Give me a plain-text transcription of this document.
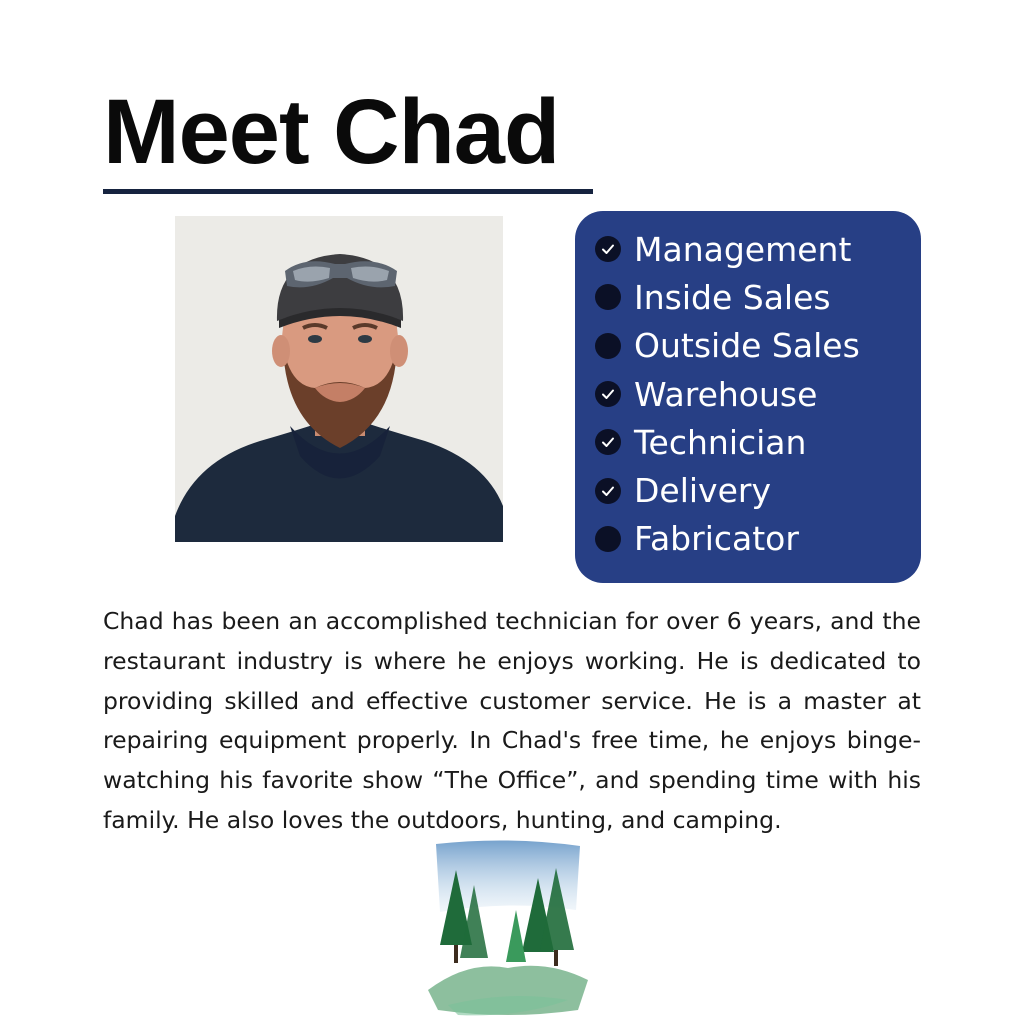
Meet Chad
Management
Inside Sales
Outside Sales
Warehouse
Technician
Delivery
Fabricator

Chad has been an accomplished technician for over 6 years, and the restaurant industry is where he enjoys working. He is dedicated to providing skilled and effective customer service. He is a master at repairing equipment properly. In Chad's free time, he enjoys binge-watching his favorite show “The Office”, and spending time with his family. He also loves the outdoors, hunting, and camping.
